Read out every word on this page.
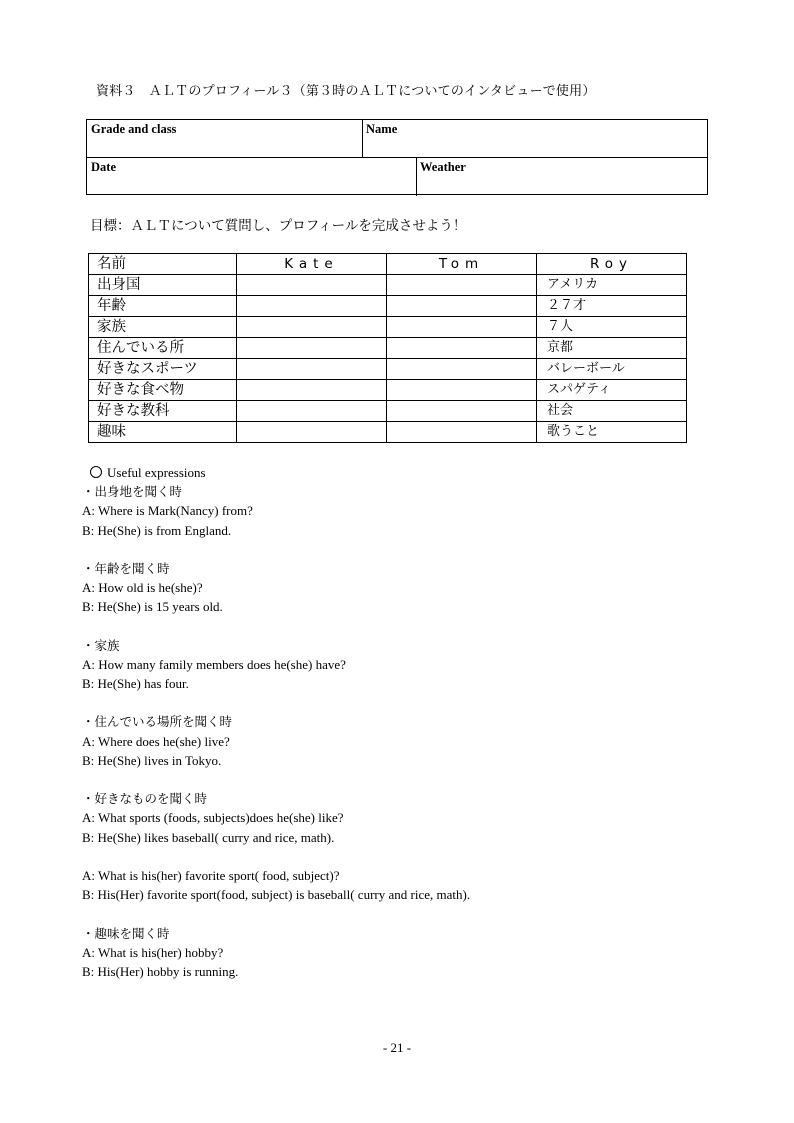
資料３　ＡＬＴのプロフィール３（第３時のＡＬＴについてのインタビューで使用）
Grade and class	Name
Date	Weather
目標：ＡＬＴについて質問し、プロフィールを完成させよう！
名前	Kate	Tom	Roy
出身国			アメリカ
年齢			２７才
家族			７人
住んでいる所			京都
好きなスポーツ			バレーボール
好きな食べ物			スパゲティ
好きな教科			社会
趣味			歌うこと
Useful expressions
・出身地を聞く時
A: Where is Mark(Nancy) from?
B: He(She) is from England.
・年齢を聞く時
A: How old is he(she)?
B: He(She) is 15 years old.
・家族
A: How many family members does he(she) have?
B: He(She) has four.
・住んでいる場所を聞く時
A: Where does he(she) live?
B: He(She) lives in Tokyo.
・好きなものを聞く時
A: What sports (foods, subjects)does he(she) like?
B: He(She) likes baseball( curry and rice, math).
A: What is his(her) favorite sport( food, subject)?
B: His(Her) favorite sport(food, subject) is baseball( curry and rice, math).
・趣味を聞く時
A: What is his(her) hobby?
B: His(Her) hobby is running.
- 21 -
